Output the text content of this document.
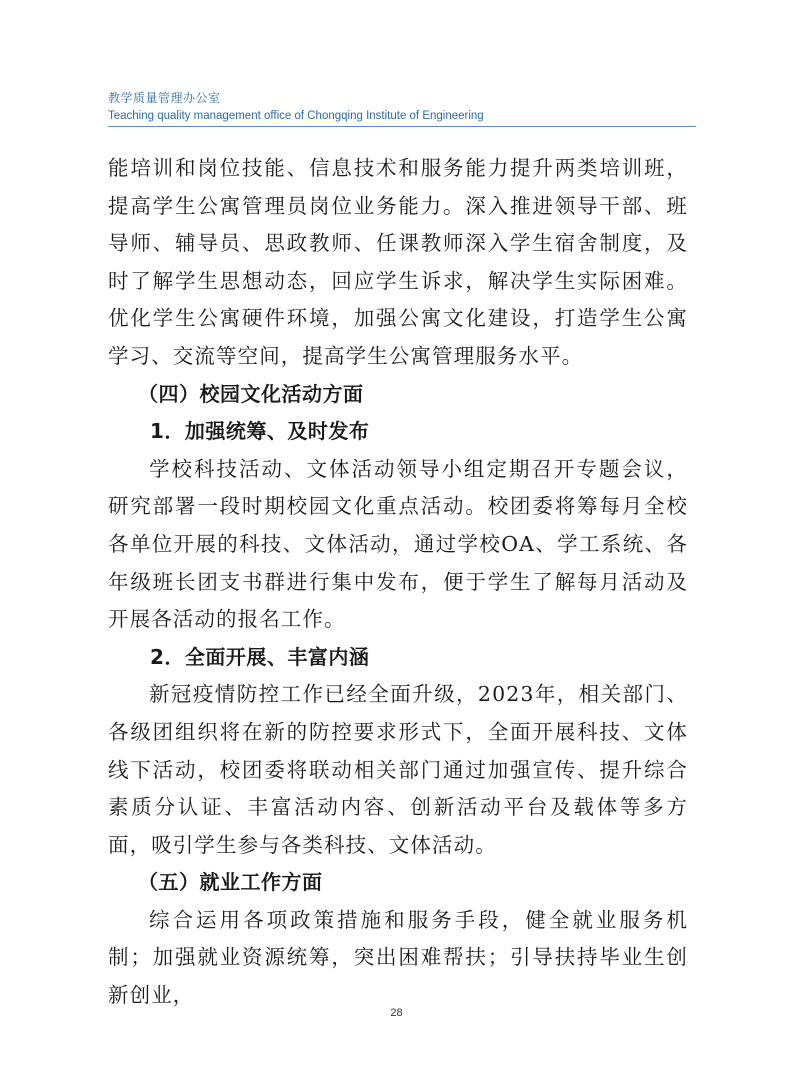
教学质量管理办公室
Teaching quality management office of Chongqing Institute of Engineering

能培训和岗位技能、信息技术和服务能力提升两类培训班，提高学生公寓管理员岗位业务能力。深入推进领导干部、班导师、辅导员、思政教师、任课教师深入学生宿舍制度，及时了解学生思想动态，回应学生诉求，解决学生实际困难。优化学生公寓硬件环境，加强公寓文化建设，打造学生公寓学习、交流等空间，提高学生公寓管理服务水平。

（四）校园文化活动方面

1．加强统筹、及时发布

学校科技活动、文体活动领导小组定期召开专题会议，研究部署一段时期校园文化重点活动。校团委将筹每月全校各单位开展的科技、文体活动，通过学校OA、学工系统、各年级班长团支书群进行集中发布，便于学生了解每月活动及开展各活动的报名工作。

2．全面开展、丰富内涵

新冠疫情防控工作已经全面升级，2023年，相关部门、各级团组织将在新的防控要求形式下，全面开展科技、文体线下活动，校团委将联动相关部门通过加强宣传、提升综合素质分认证、丰富活动内容、创新活动平台及载体等多方面，吸引学生参与各类科技、文体活动。

（五）就业工作方面

综合运用各项政策措施和服务手段，健全就业服务机制；加强就业资源统筹，突出困难帮扶；引导扶持毕业生创新创业，

28
